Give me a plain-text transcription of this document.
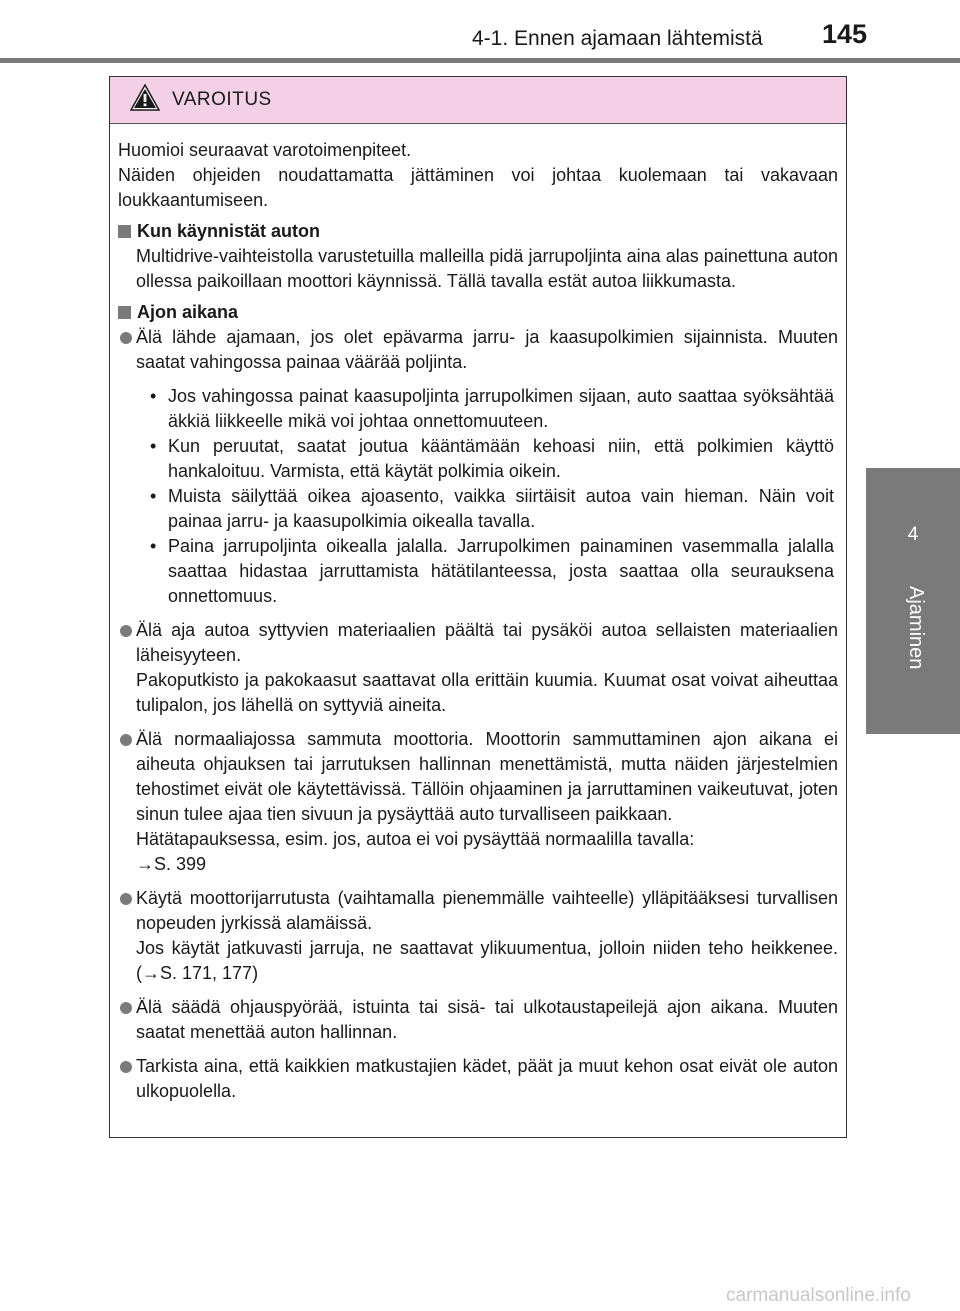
4-1. Ennen ajamaan lähtemistä 145
4
Ajaminen
VAROITUS

Huomioi seuraavat varotoimenpiteet.
Näiden ohjeiden noudattamatta jättäminen voi johtaa kuolemaan tai vakavaan loukkaantumiseen.

Kun käynnistät auton

Multidrive-vaihteistolla varustetuilla malleilla pidä jarrupoljinta aina alas painettuna auton ollessa paikoillaan moottori käynnissä. Tällä tavalla estät autoa liikkumasta.

Ajon aikana

Älä lähde ajamaan, jos olet epävarma jarru- ja kaasupolkimien sijainnista. Muuten saatat vahingossa painaa väärää poljinta.

• Jos vahingossa painat kaasupoljinta jarrupolkimen sijaan, auto saattaa syöksähtää äkkiä liikkeelle mikä voi johtaa onnettomuuteen.
• Kun peruutat, saatat joutua kääntämään kehoasi niin, että polkimien käyttö hankaloituu. Varmista, että käytät polkimia oikein.
• Muista säilyttää oikea ajoasento, vaikka siirtäisit autoa vain hieman. Näin voit painaa jarru- ja kaasupolkimia oikealla tavalla.
• Paina jarrupoljinta oikealla jalalla. Jarrupolkimen painaminen vasemmalla jalalla saattaa hidastaa jarruttamista hätätilanteessa, josta saattaa olla seurauksena onnettomuus.

Älä aja autoa syttyvien materiaalien päältä tai pysäköi autoa sellaisten materiaalien läheisyyteen.
Pakoputkisto ja pakokaasut saattavat olla erittäin kuumia. Kuumat osat voivat aiheuttaa tulipalon, jos lähellä on syttyviä aineita.

Älä normaaliajossa sammuta moottoria. Moottorin sammuttaminen ajon aikana ei aiheuta ohjauksen tai jarrutuksen hallinnan menettämistä, mutta näiden järjestelmien tehostimet eivät ole käytettävissä. Tällöin ohjaaminen ja jarruttaminen vaikeutuvat, joten sinun tulee ajaa tien sivuun ja pysäyttää auto turvalliseen paikkaan.
Hätätapauksessa, esim. jos, autoa ei voi pysäyttää normaalilla tavalla:
→S. 399

Käytä moottorijarrutusta (vaihtamalla pienemmälle vaihteelle) ylläpitääksesi turvallisen nopeuden jyrkissä alamäissä.
Jos käytät jatkuvasti jarruja, ne saattavat ylikuumentua, jolloin niiden teho heikkenee. (→S. 171, 177)

Älä säädä ohjauspyörää, istuinta tai sisä- tai ulkotaustapeilejä ajon aikana. Muuten saatat menettää auton hallinnan.

Tarkista aina, että kaikkien matkustajien kädet, päät ja muut kehon osat eivät ole auton ulkopuolella.

carmanualsonline.info
